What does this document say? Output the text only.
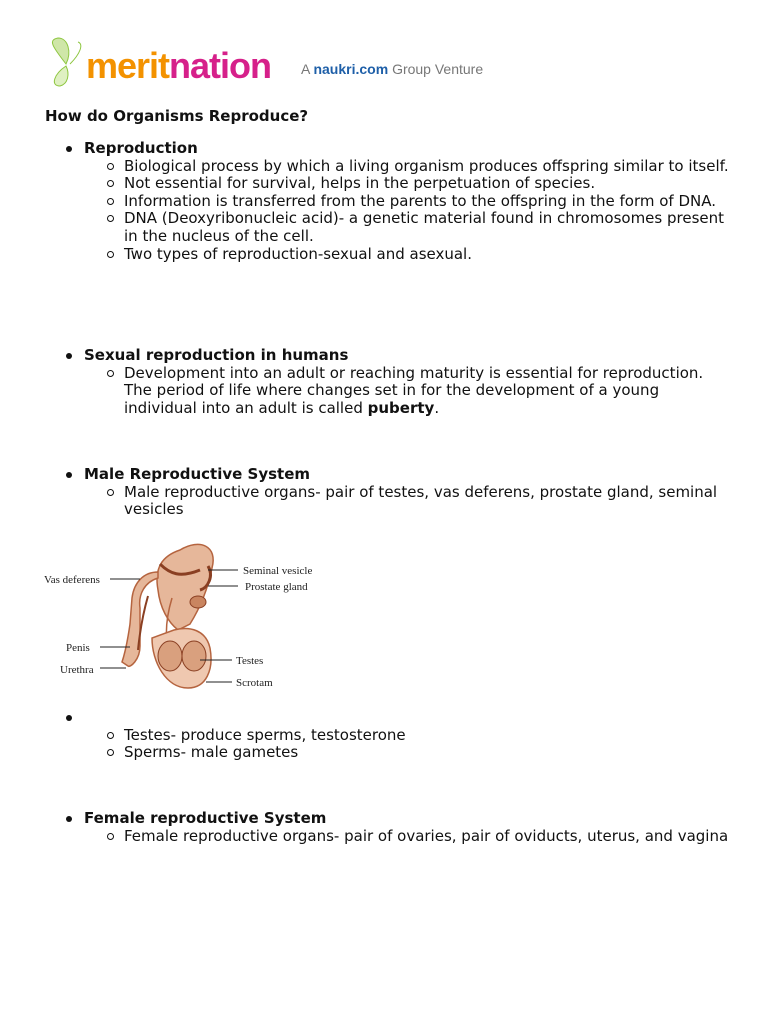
meritnation A naukri.com Group Venture
How do Organisms Reproduce?
Reproduction
Biological process by which a living organism produces offspring similar to itself.
Not essential for survival, helps in the perpetuation of species.
Information is transferred from the parents to the offspring in the form of DNA.
DNA (Deoxyribonucleic acid)- a genetic material found in chromosomes present in the nucleus of the cell.
Two types of reproduction-sexual and asexual.
Sexual reproduction in humans
Development into an adult or reaching maturity is essential for reproduction. The period of life where changes set in for the development of a young individual into an adult is called puberty.
Male Reproductive System
Male reproductive organs- pair of testes, vas deferens, prostate gland, seminal vesicles
Vas deferens
Seminal vesicle
Prostate gland
Penis
Urethra
Testes
Scrotam
Testes- produce sperms, testosterone
Sperms- male gametes
Female reproductive System
Female reproductive organs- pair of ovaries, pair of oviducts, uterus, and vagina
